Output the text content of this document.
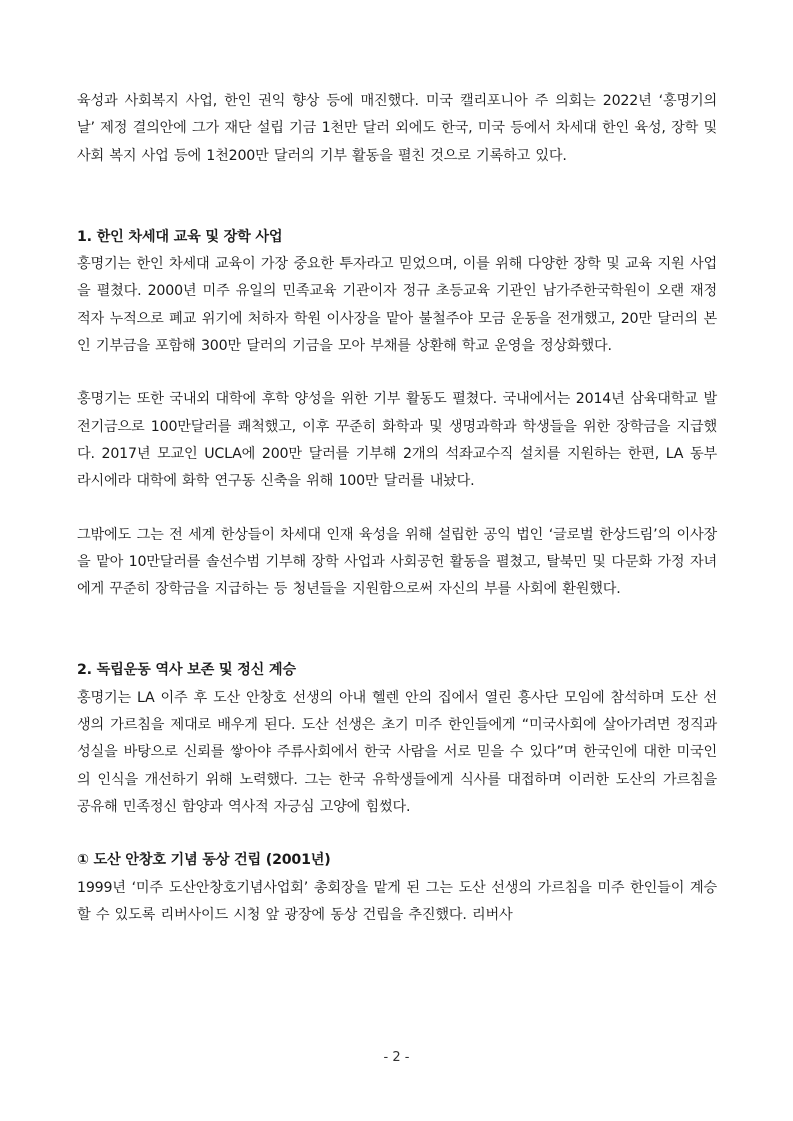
육성과 사회복지 사업, 한인 권익 향상 등에 매진했다. 미국 캘리포니아 주 의회는 2022년 ‘홍명기의 날’ 제정 결의안에 그가 재단 설립 기금 1천만 달러 외에도 한국, 미국 등에서 차세대 한인 육성, 장학 및 사회 복지 사업 등에 1천200만 달러의 기부 활동을 펼친 것으로 기록하고 있다.

1. 한인 차세대 교육 및 장학 사업

홍명기는 한인 차세대 교육이 가장 중요한 투자라고 믿었으며, 이를 위해 다양한 장학 및 교육 지원 사업을 펼쳤다. 2000년 미주 유일의 민족교육 기관이자 정규 초등교육 기관인 남가주한국학원이 오랜 재정 적자 누적으로 폐교 위기에 처하자 학원 이사장을 맡아 불철주야 모금 운동을 전개했고, 20만 달러의 본인 기부금을 포함해 300만 달러의 기금을 모아 부채를 상환해 학교 운영을 정상화했다.

홍명기는 또한 국내외 대학에 후학 양성을 위한 기부 활동도 펼쳤다. 국내에서는 2014년 삼육대학교 발전기금으로 100만달러를 쾌척했고, 이후 꾸준히 화학과 및 생명과학과 학생들을 위한 장학금을 지급했다. 2017년 모교인 UCLA에 200만 달러를 기부해 2개의 석좌교수직 설치를 지원하는 한편, LA 동부 라시에라 대학에 화학 연구동 신축을 위해 100만 달러를 내놨다.

그밖에도 그는 전 세계 한상들이 차세대 인재 육성을 위해 설립한 공익 법인 ‘글로벌 한상드림’의 이사장을 맡아 10만달러를 솔선수범 기부해 장학 사업과 사회공헌 활동을 펼쳤고, 탈북민 및 다문화 가정 자녀에게 꾸준히 장학금을 지급하는 등 청년들을 지원함으로써 자신의 부를 사회에 환원했다.

2. 독립운동 역사 보존 및 정신 계승

홍명기는 LA 이주 후 도산 안창호 선생의 아내 헬렌 안의 집에서 열린 흥사단 모임에 참석하며 도산 선생의 가르침을 제대로 배우게 된다. 도산 선생은 초기 미주 한인들에게 “미국사회에 살아가려면 정직과 성실을 바탕으로 신뢰를 쌓아야 주류사회에서 한국 사람을 서로 믿을 수 있다”며 한국인에 대한 미국인의 인식을 개선하기 위해 노력했다. 그는 한국 유학생들에게 식사를 대접하며 이러한 도산의 가르침을 공유해 민족정신 함양과 역사적 자긍심 고양에 힘썼다.

① 도산 안창호 기념 동상 건립 (2001년)

1999년 ‘미주 도산안창호기념사업회’ 총회장을 맡게 된 그는 도산 선생의 가르침을 미주 한인들이 계승할 수 있도록 리버사이드 시청 앞 광장에 동상 건립을 추진했다. 리버사

- 2 -
